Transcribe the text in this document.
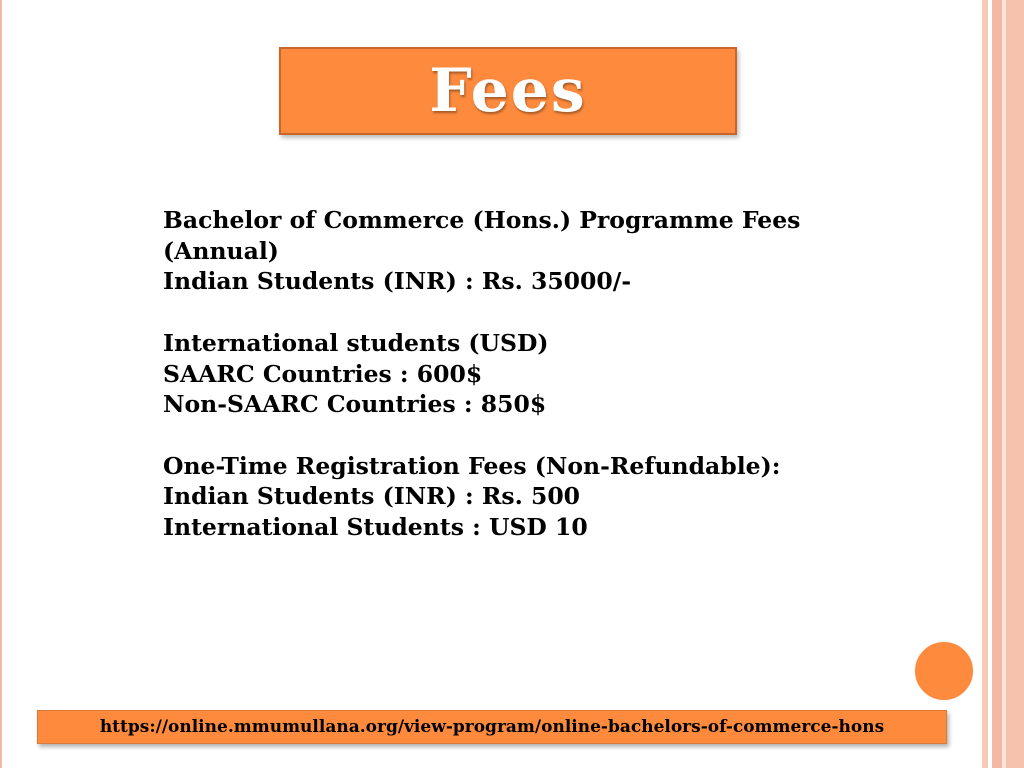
Fees
Bachelor of Commerce (Hons.) Programme Fees
(Annual)
Indian Students (INR) : Rs. 35000/-
International students (USD)
SAARC Countries : 600$
Non-SAARC Countries : 850$
One-Time Registration Fees (Non-Refundable):
Indian Students (INR) : Rs. 500
International Students : USD 10
https://online.mmumullana.org/view-program/online-bachelors-of-commerce-hons
